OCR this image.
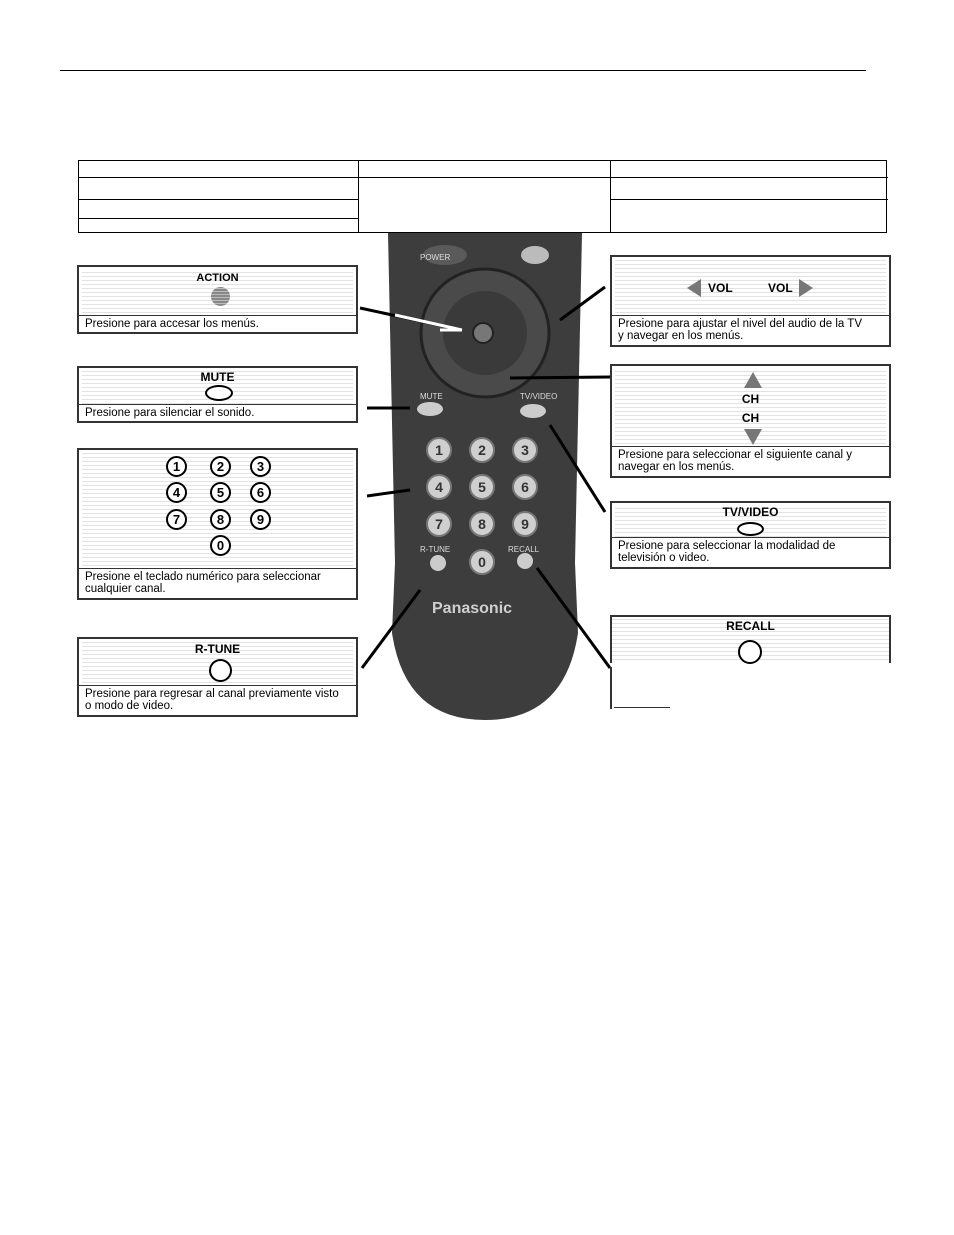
POWER
MUTE	TV/VIDEO
R-TUNE	RECALL
1	2	3
4	5	6
7	8	9
0
Panasonic
ACTION
Presione para accesar los menús.
MUTE
Presione para silenciar el sonido.
1	2	3
4	5	6
7	8	9
0
Presione el teclado numérico para seleccionar
cualquier canal.
R-TUNE
Presione para regresar al canal previamente visto
o modo de video.
VOL	VOL
Presione para ajustar el nivel del audio de la TV
y navegar en los menús.
CH
CH
Presione para seleccionar el siguiente canal y
navegar en los menús.
TV/VIDEO
Presione para seleccionar la modalidad de
televisión o video.
RECALL
